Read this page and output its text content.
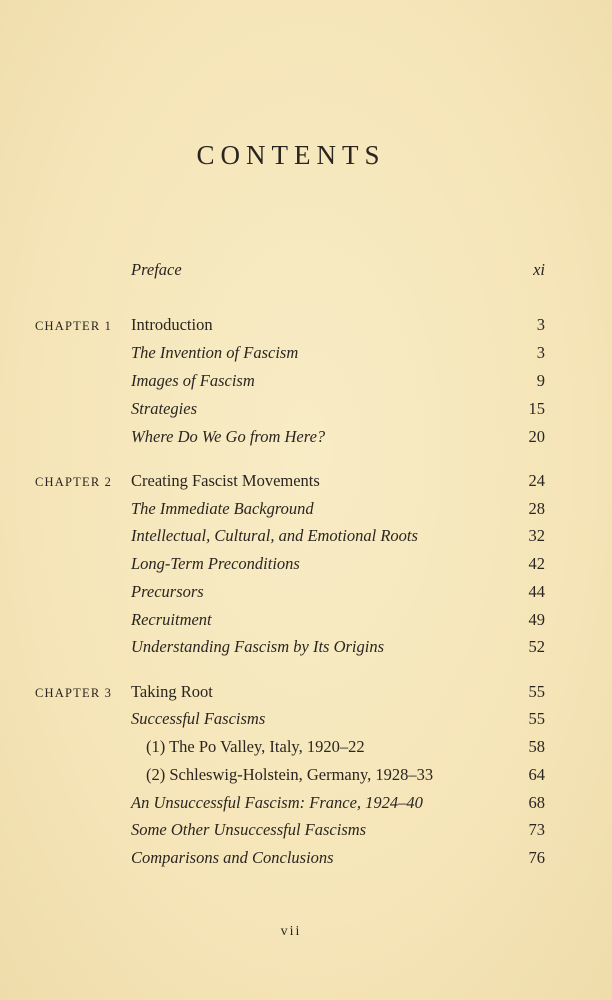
CONTENTS
Preface	xi
CHAPTER 1 Introduction	3
The Invention of Fascism	3
Images of Fascism	9
Strategies	15
Where Do We Go from Here?	20
CHAPTER 2 Creating Fascist Movements	24
The Immediate Background	28
Intellectual, Cultural, and Emotional Roots	32
Long-Term Preconditions	42
Precursors	44
Recruitment	49
Understanding Fascism by Its Origins	52
CHAPTER 3 Taking Root	55
Successful Fascisms	55
(1) The Po Valley, Italy, 1920–22	58
(2) Schleswig-Holstein, Germany, 1928–33	64
An Unsuccessful Fascism: France, 1924–40	68
Some Other Unsuccessful Fascisms	73
Comparisons and Conclusions	76
vii
